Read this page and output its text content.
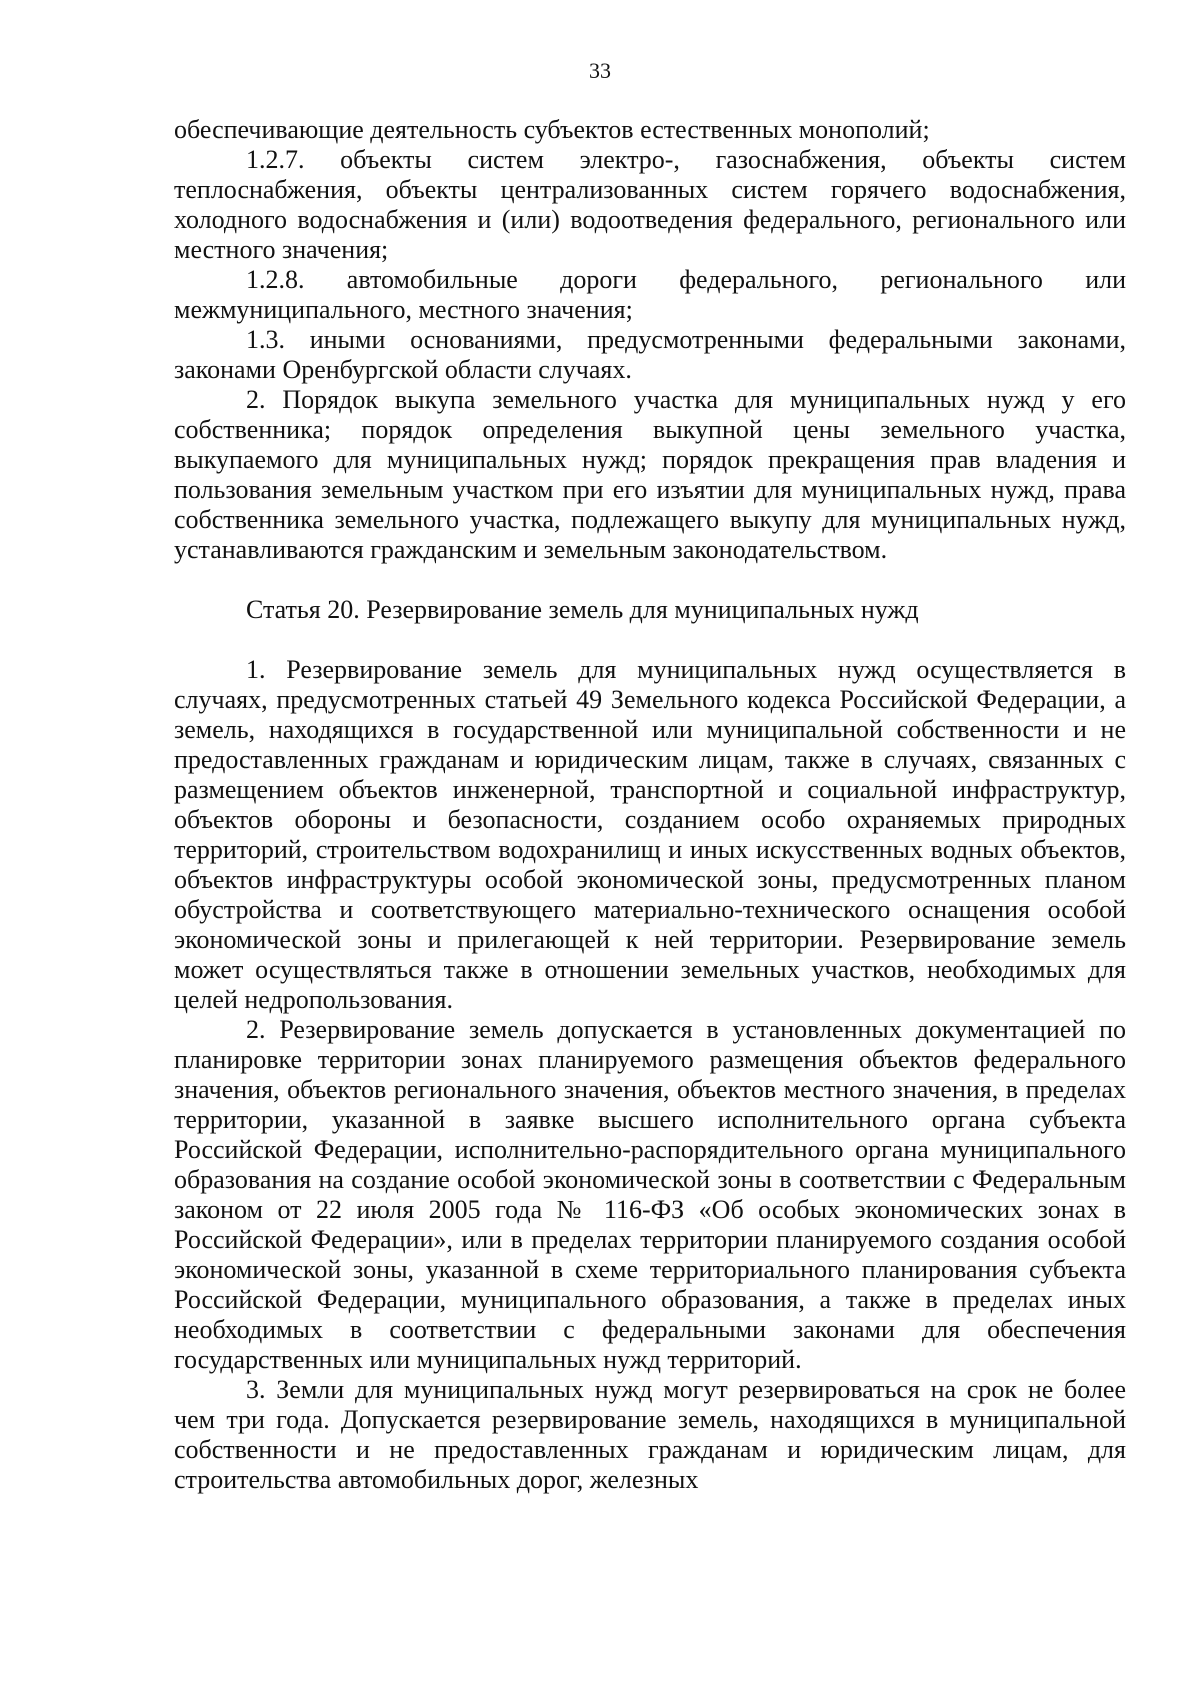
33

обеспечивающие деятельность субъектов естественных монополий;

1.2.7. объекты систем электро-, газоснабжения, объекты систем теплоснабжения, объекты централизованных систем горячего водоснабжения, холодного водоснабжения и (или) водоотведения федерального, регионального или местного значения;

1.2.8. автомобильные дороги федерального, регионального или межмуниципального, местного значения;

1.3. иными основаниями, предусмотренными федеральными законами, законами Оренбургской области случаях.

2. Порядок выкупа земельного участка для муниципальных нужд у его собственника; порядок определения выкупной цены земельного участка, выкупаемого для муниципальных нужд; порядок прекращения прав владения и пользования земельным участком при его изъятии для муниципальных нужд, права собственника земельного участка, подлежащего выкупу для муниципальных нужд, устанавливаются гражданским и земельным законодательством.

Статья 20. Резервирование земель для муниципальных нужд

1. Резервирование земель для муниципальных нужд осуществляется в случаях, предусмотренных статьей 49 Земельного кодекса Российской Федерации, а земель, находящихся в государственной или муниципальной собственности и не предоставленных гражданам и юридическим лицам, также в случаях, связанных с размещением объектов инженерной, транспортной и социальной инфраструктур, объектов обороны и безопасности, созданием особо охраняемых природных территорий, строительством водохранилищ и иных искусственных водных объектов, объектов инфраструктуры особой экономической зоны, предусмотренных планом обустройства и соответствующего материально-технического оснащения особой экономической зоны и прилегающей к ней территории. Резервирование земель может осуществляться также в отношении земельных участков, необходимых для целей недропользования.

2. Резервирование земель допускается в установленных документацией по планировке территории зонах планируемого размещения объектов федерального значения, объектов регионального значения, объектов местного значения, в пределах территории, указанной в заявке высшего исполнительного органа субъекта Российской Федерации, исполнительно-распорядительного органа муниципального образования на создание особой экономической зоны в соответствии с Федеральным законом от 22 июля 2005 года № 116-ФЗ «Об особых экономических зонах в Российской Федерации», или в пределах территории планируемого создания особой экономической зоны, указанной в схеме территориального планирования субъекта Российской Федерации, муниципального образования, а также в пределах иных необходимых в соответствии с федеральными законами для обеспечения государственных или муниципальных нужд территорий.

3. Земли для муниципальных нужд могут резервироваться на срок не более чем три года. Допускается резервирование земель, находящихся в муниципальной собственности и не предоставленных гражданам и юридическим лицам, для строительства автомобильных дорог, железных
